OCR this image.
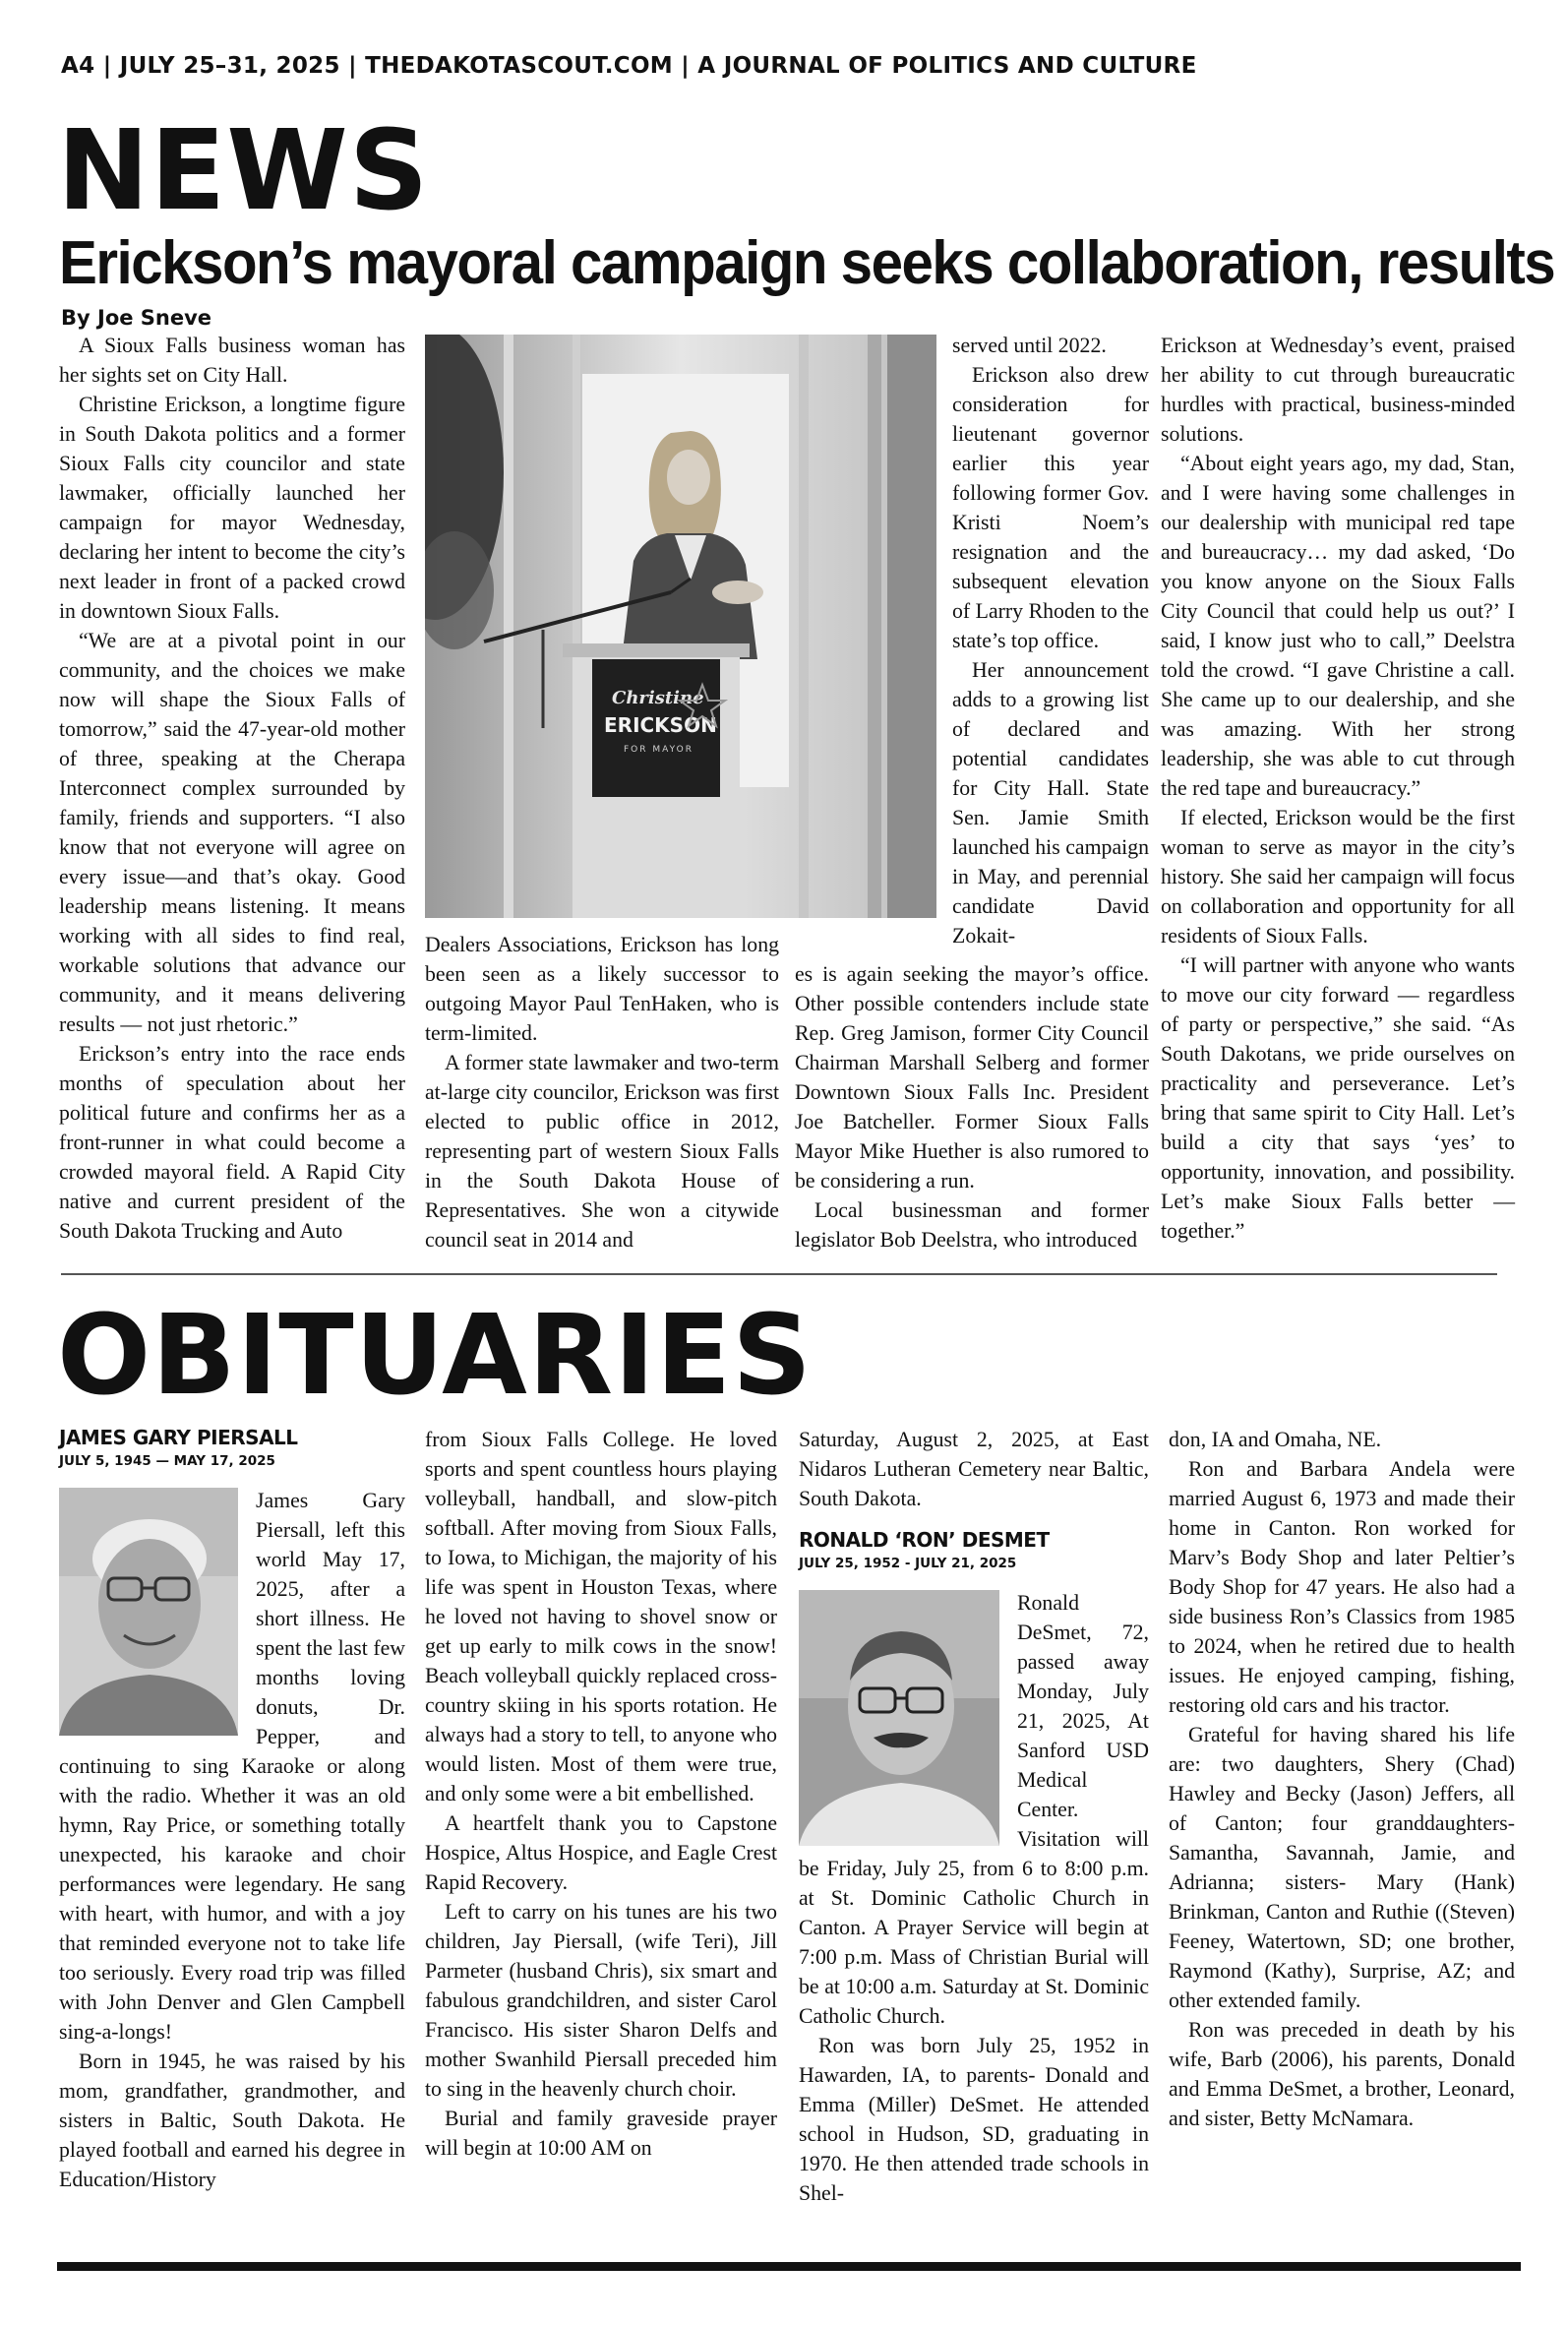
A4 | JULY 25–31, 2025 | THEDAKOTASCOUT.COM | A JOURNAL OF POLITICS AND CULTURE
NEWS
Erickson’s mayoral campaign seeks collaboration, results
By Joe Sneve

A Sioux Falls business woman has her sights set on City Hall.

Christine Erickson, a longtime figure in South Dakota politics and a former Sioux Falls city councilor and state lawmaker, officially launched her campaign for mayor Wednesday, declaring her intent to become the city’s next leader in front of a packed crowd in downtown Sioux Falls.

“We are at a pivotal point in our community, and the choices we make now will shape the Sioux Falls of tomorrow,” said the 47-year-old mother of three, speaking at the Cherapa Interconnect complex surrounded by family, friends and supporters. “I also know that not everyone will agree on every issue—and that’s okay. Good leadership means listening. It means working with all sides to find real, workable solutions that advance our community, and it means delivering results — not just rhetoric.”

Erickson’s entry into the race ends months of speculation about her political future and confirms her as a front-runner in what could become a crowded mayoral field. A Rapid City native and current president of the South Dakota Trucking and Auto

Christine
ERICKSON
FOR MAYOR

Dealers Associations, Erickson has long been seen as a likely successor to outgoing Mayor Paul TenHaken, who is term-limited.

A former state lawmaker and two-term at-large city councilor, Erickson was first elected to public office in 2012, representing part of western Sioux Falls in the South Dakota House of Representatives. She won a citywide council seat in 2014 and

served until 2022.

Erickson also drew consideration for lieutenant governor earlier this year following former Gov. Kristi Noem’s resignation and the subsequent elevation of Larry Rhoden to the state’s top office.

Her announcement adds to a growing list of declared and potential candidates for City Hall. State Sen. Jamie Smith launched his campaign in May, and perennial candidate David Zokait-

es is again seeking the mayor’s office. Other possible contenders include state Rep. Greg Jamison, former City Council Chairman Marshall Selberg and former Downtown Sioux Falls Inc. President Joe Batcheller. Former Sioux Falls Mayor Mike Huether is also rumored to be considering a run.

Local businessman and former legislator Bob Deelstra, who introduced

Erickson at Wednesday’s event, praised her ability to cut through bureaucratic hurdles with practical, business-minded solutions.

“About eight years ago, my dad, Stan, and I were having some challenges in our dealership with municipal red tape and bureaucracy… my dad asked, ‘Do you know anyone on the Sioux Falls City Council that could help us out?’ I said, I know just who to call,” Deelstra told the crowd. “I gave Christine a call. She came up to our dealership, and she was amazing. With her strong leadership, she was able to cut through the red tape and bureaucracy.”

If elected, Erickson would be the first woman to serve as mayor in the city’s history. She said her campaign will focus on collaboration and opportunity for all residents of Sioux Falls.

“I will partner with anyone who wants to move our city forward — regardless of party or perspective,” she said. “As South Dakotans, we pride ourselves on practicality and perseverance. Let’s bring that same spirit to City Hall. Let’s build a city that says ‘yes’ to opportunity, innovation, and possibility. Let’s make Sioux Falls better — together.”

OBITUARIES
JAMES GARY PIERSALL
JULY 5, 1945 — MAY 17, 2025

James Gary Piersall, left this world May 17, 2025, after a short illness. He spent the last few months loving donuts, Dr. Pepper, and continuing to sing Karaoke or along with the radio. Whether it was an old hymn, Ray Price, or something totally unexpected, his karaoke and choir performances were legendary. He sang with heart, with humor, and with a joy that reminded everyone not to take life too seriously. Every road trip was filled with John Denver and Glen Campbell sing-a-longs!

Born in 1945, he was raised by his mom, grandfather, grandmother, and sisters in Baltic, South Dakota. He played football and earned his degree in Education/History

from Sioux Falls College. He loved sports and spent countless hours playing volleyball, handball, and slow-pitch softball. After moving from Sioux Falls, to Iowa, to Michigan, the majority of his life was spent in Houston Texas, where he loved not having to shovel snow or get up early to milk cows in the snow! Beach volleyball quickly replaced cross-country skiing in his sports rotation. He always had a story to tell, to anyone who would listen. Most of them were true, and only some were a bit embellished.

A heartfelt thank you to Capstone Hospice, Altus Hospice, and Eagle Crest Rapid Recovery.

Left to carry on his tunes are his two children, Jay Piersall, (wife Teri), Jill Parmeter (husband Chris), six smart and fabulous grandchildren, and sister Carol Francisco. His sister Sharon Delfs and mother Swanhild Piersall preceded him to sing in the heavenly church choir.

Burial and family graveside prayer will begin at 10:00 AM on

Saturday, August 2, 2025, at East Nidaros Lutheran Cemetery near Baltic, South Dakota.

RONALD ‘RON’ DESMET
JULY 25, 1952 - JULY 21, 2025

Ronald DeSmet, 72, passed away Monday, July 21, 2025, At Sanford USD Medical Center. Visitation will be Friday, July 25, from 6 to 8:00 p.m. at St. Dominic Catholic Church in Canton. A Prayer Service will begin at 7:00 p.m. Mass of Christian Burial will be at 10:00 a.m. Saturday at St. Dominic Catholic Church.

Ron was born July 25, 1952 in Hawarden, IA, to parents- Donald and Emma (Miller) DeSmet. He attended school in Hudson, SD, graduating in 1970. He then attended trade schools in Shel-

don, IA and Omaha, NE.

Ron and Barbara Andela were married August 6, 1973 and made their home in Canton. Ron worked for Marv’s Body Shop and later Peltier’s Body Shop for 47 years. He also had a side business Ron’s Classics from 1985 to 2024, when he retired due to health issues. He enjoyed camping, fishing, restoring old cars and his tractor.

Grateful for having shared his life are: two daughters, Shery (Chad) Hawley and Becky (Jason) Jeffers, all of Canton; four granddaughters- Samantha, Savannah, Jamie, and Adrianna; sisters- Mary (Hank) Brinkman, Canton and Ruthie ((Steven) Feeney, Watertown, SD; one brother, Raymond (Kathy), Surprise, AZ; and other extended family.

Ron was preceded in death by his wife, Barb (2006), his parents, Donald and Emma DeSmet, a brother, Leonard, and sister, Betty McNamara.
